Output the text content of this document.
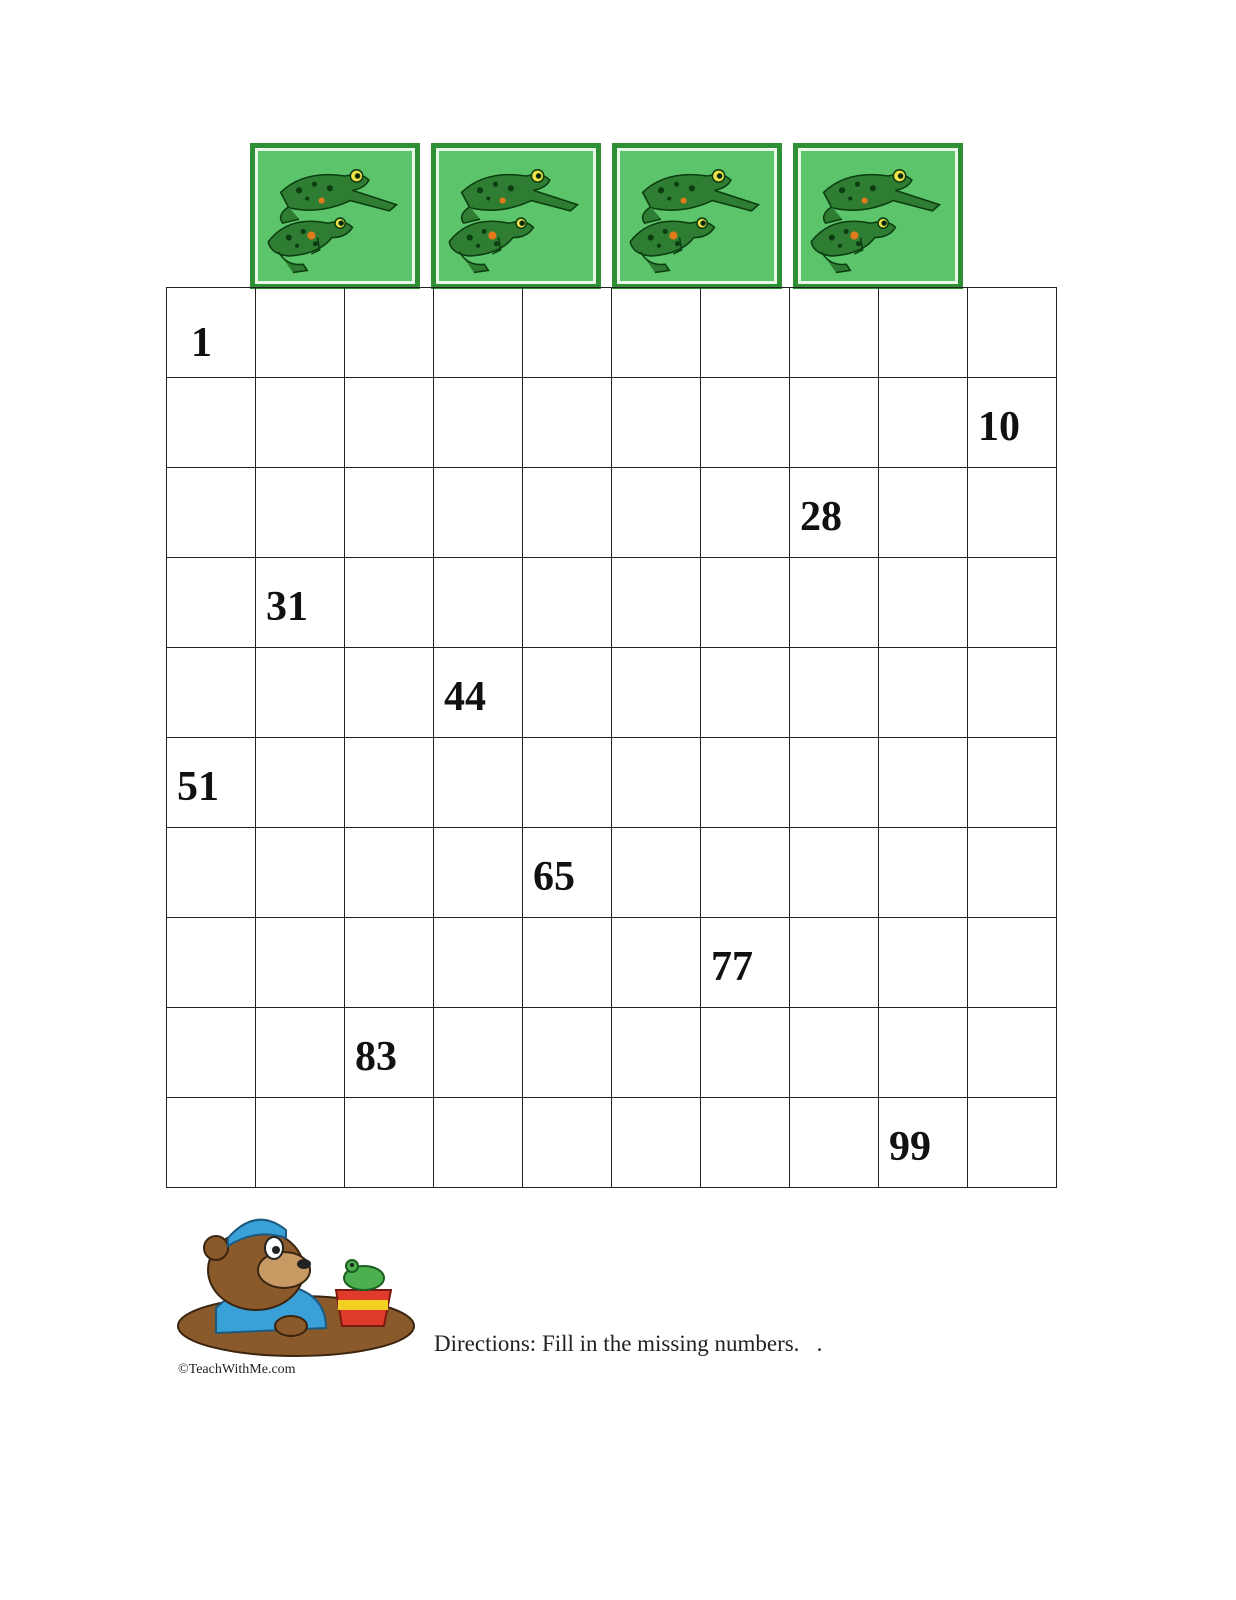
1									

									10

							28		

	31								

			44						

51									

				65					

						77			

		83							

								99	

©TeachWithMe.com
Directions: Fill in the missing numbers.   .
